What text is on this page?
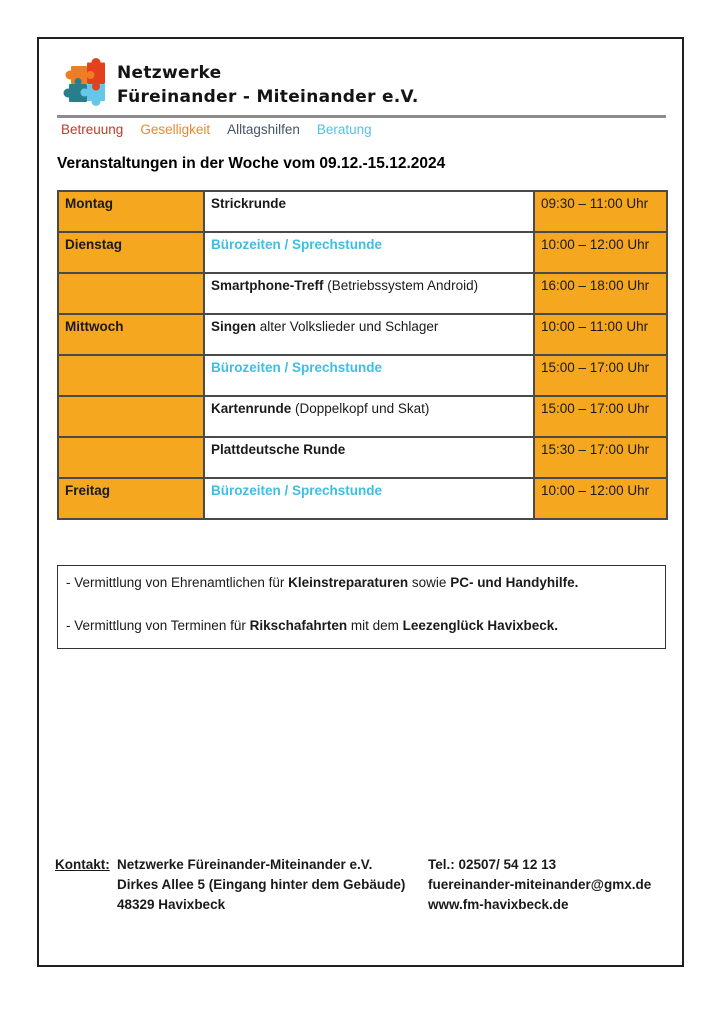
Netzwerke
Füreinander - Miteinander e.V.
Betreuung Geselligkeit Alltagshilfen Beratung
Veranstaltungen in der Woche vom 09.12.-15.12.2024
Montag	Strickrunde	09:30 – 11:00 Uhr
Dienstag	Bürozeiten / Sprechstunde	10:00 – 12:00 Uhr
	Smartphone-Treff (Betriebssystem Android)	16:00 – 18:00 Uhr
Mittwoch	Singen alter Volkslieder und Schlager	10:00 – 11:00 Uhr
	Bürozeiten / Sprechstunde	15:00 – 17:00 Uhr
	Kartenrunde (Doppelkopf und Skat)	15:00 – 17:00 Uhr
	Plattdeutsche Runde	15:30 – 17:00 Uhr
Freitag	Bürozeiten / Sprechstunde	10:00 – 12:00 Uhr

- Vermittlung von Ehrenamtlichen für Kleinstreparaturen sowie PC- und Handyhilfe.

- Vermittlung von Terminen für Rikschafahrten mit dem Leezenglück Havixbeck.

Kontakt: Netzwerke Füreinander-Miteinander e.V.
Dirkes Allee 5 (Eingang hinter dem Gebäude)
48329 Havixbeck
Tel.: 02507/ 54 12 13
fuereinander-miteinander@gmx.de
www.fm-havixbeck.de
